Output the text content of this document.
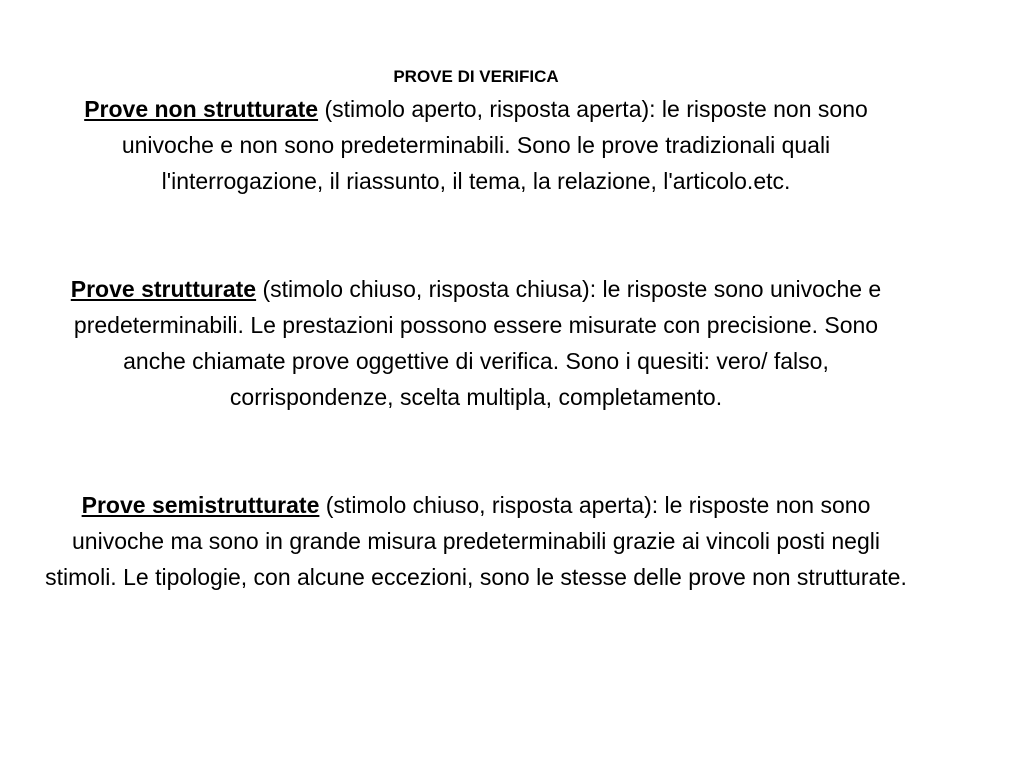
PROVE DI VERIFICA

Prove non strutturate (stimolo aperto, risposta aperta): le risposte non sono univoche e non sono predeterminabili. Sono le prove tradizionali quali l'interrogazione, il riassunto, il tema, la relazione, l'articolo.etc.

Prove strutturate (stimolo chiuso, risposta chiusa): le risposte sono univoche e predeterminabili. Le prestazioni possono essere misurate con precisione. Sono anche chiamate prove oggettive di verifica. Sono i quesiti: vero/ falso, corrispondenze, scelta multipla, completamento.

Prove semistrutturate (stimolo chiuso, risposta aperta): le risposte non sono univoche ma sono in grande misura predeterminabili grazie ai vincoli posti negli stimoli. Le tipologie, con alcune eccezioni, sono le stesse delle prove non strutturate.
